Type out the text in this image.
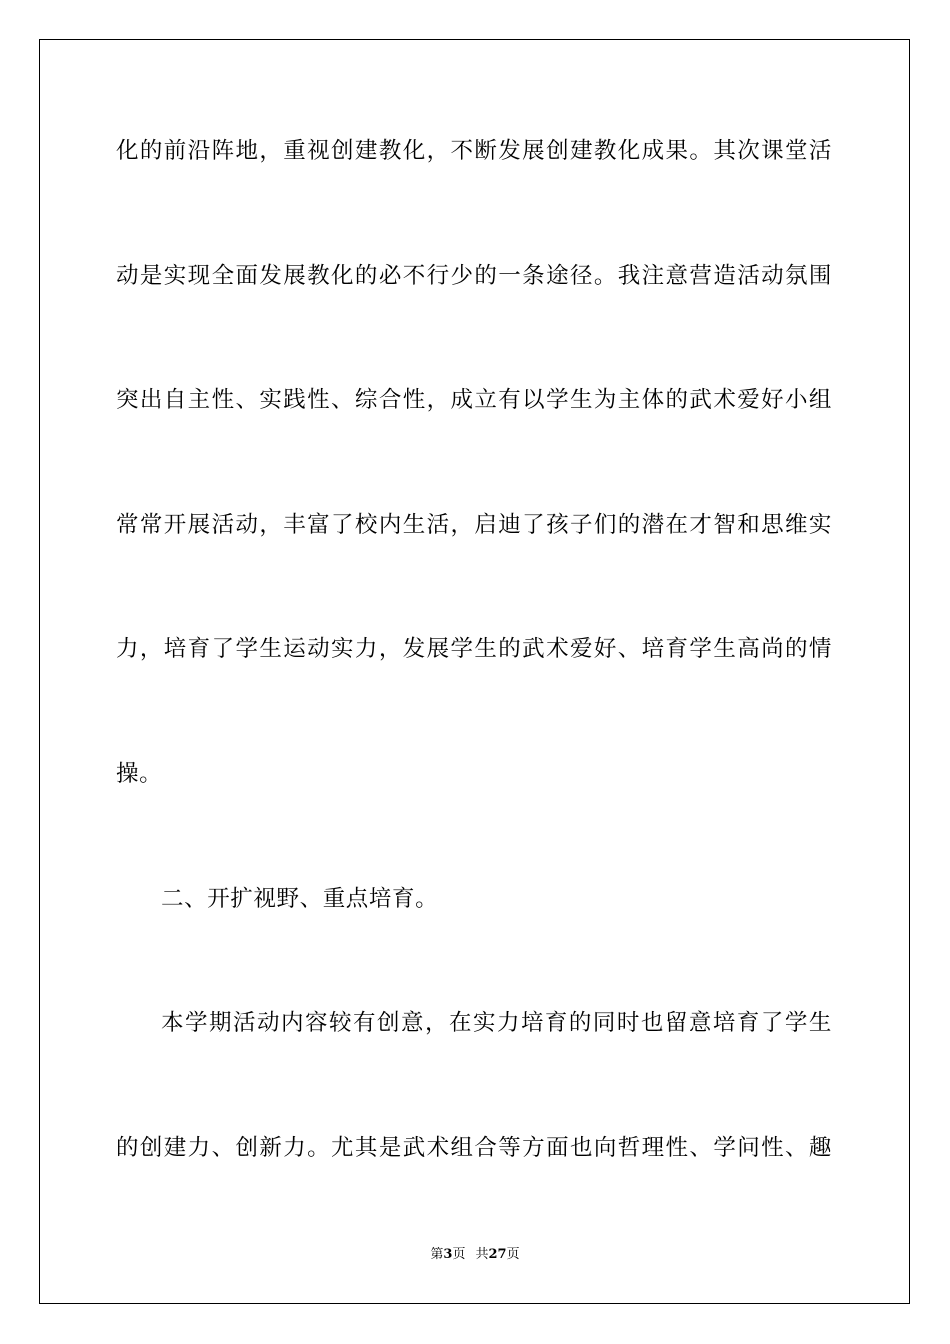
化的前沿阵地，重视创建教化，不断发展创建教化成果。其次课堂活
动是实现全面发展教化的必不行少的一条途径。我注意营造活动氛围
突出自主性、实践性、综合性，成立有以学生为主体的武术爱好小组
常常开展活动，丰富了校内生活，启迪了孩子们的潜在才智和思维实
力，培育了学生运动实力，发展学生的武术爱好、培育学生高尚的情
操。
二、开扩视野、重点培育。
本学期活动内容较有创意，在实力培育的同时也留意培育了学生
的创建力、创新力。尤其是武术组合等方面也向哲理性、学问性、趣
第3页 共27页
